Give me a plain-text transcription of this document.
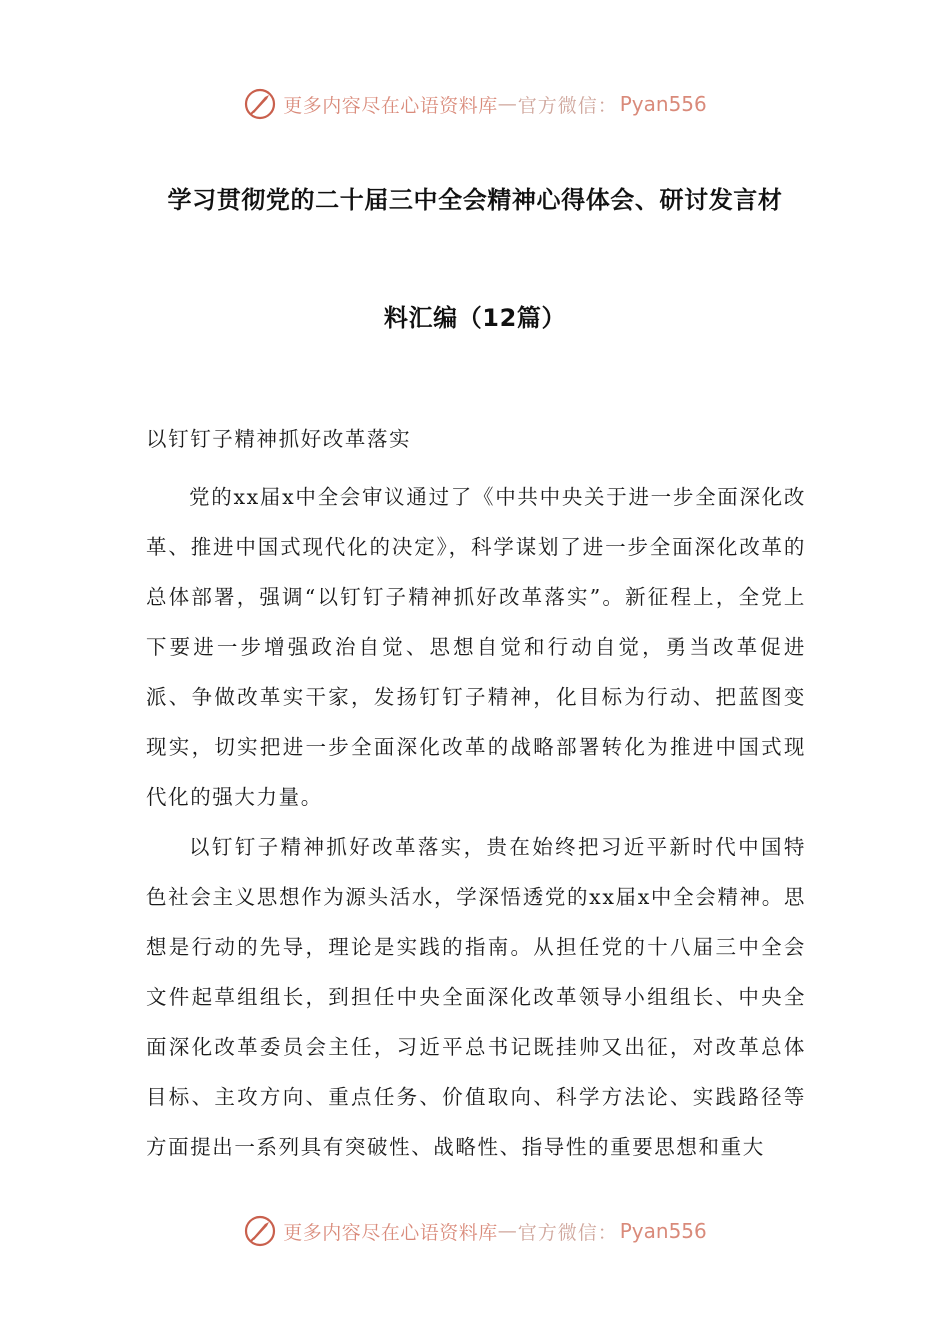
更多内容尽在心语资料库 — 官方微信： Pyan556
学习贯彻党的二十届三中全会精神心得体会、研讨发言材
料汇编（12篇）
以钉钉子精神抓好改革落实

党的xx届x中全会审议通过了《中共中央关于进一步全面深化改革、推进中国式现代化的决定》，科学谋划了进一步全面深化改革的总体部署，强调“以钉钉子精神抓好改革落实”。新征程上，全党上下要进一步增强政治自觉、思想自觉和行动自觉，勇当改革促进派、争做改革实干家，发扬钉钉子精神，化目标为行动、把蓝图变现实，切实把进一步全面深化改革的战略部署转化为推进中国式现代化的强大力量。

以钉钉子精神抓好改革落实，贵在始终把习近平新时代中国特色社会主义思想作为源头活水，学深悟透党的xx届x中全会精神。思想是行动的先导，理论是实践的指南。从担任党的十八届三中全会文件起草组组长，到担任中央全面深化改革领导小组组长、中央全面深化改革委员会主任，习近平总书记既挂帅又出征，对改革总体目标、主攻方向、重点任务、价值取向、科学方法论、实践路径等方面提出一系列具有突破性、战略性、指导性的重要思想和重大

更多内容尽在心语资料库 — 官方微信： Pyan556
